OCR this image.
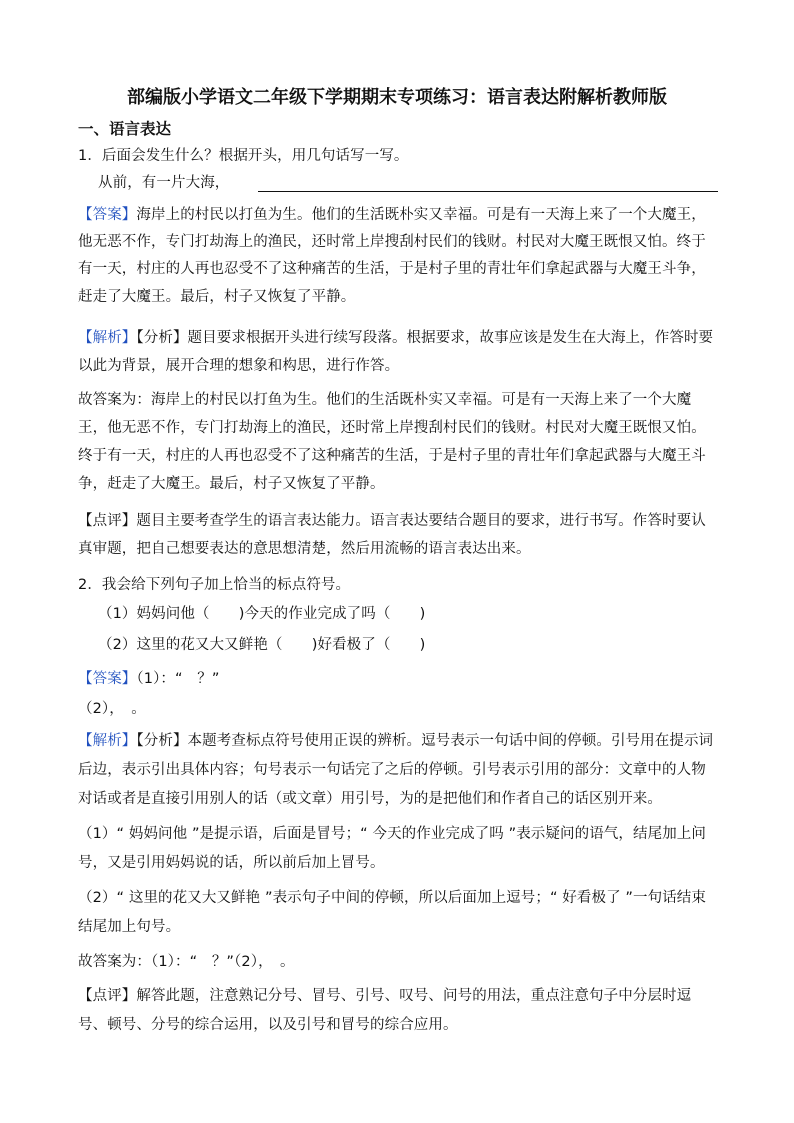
部编版小学语文二年级下学期期末专项练习：语言表达附解析教师版
一、语言表达
1．后面会发生什么？根据开头，用几句话写一写。
从前，有一片大海，
【答案】海岸上的村民以打鱼为生。他们的生活既朴实又幸福。可是有一天海上来了一个大魔王，
他无恶不作，专门打劫海上的渔民，还时常上岸搜刮村民们的钱财。村民对大魔王既恨又怕。终于
有一天，村庄的人再也忍受不了这种痛苦的生活，于是村子里的青壮年们拿起武器与大魔王斗争，
赶走了大魔王。最后，村子又恢复了平静。
【解析】【分析】题目要求根据开头进行续写段落。根据要求，故事应该是发生在大海上，作答时要
以此为背景，展开合理的想象和构思，进行作答。
故答案为：海岸上的村民以打鱼为生。他们的生活既朴实又幸福。可是有一天海上来了一个大魔
王，他无恶不作，专门打劫海上的渔民，还时常上岸搜刮村民们的钱财。村民对大魔王既恨又怕。
终于有一天，村庄的人再也忍受不了这种痛苦的生活，于是村子里的青壮年们拿起武器与大魔王斗
争，赶走了大魔王。最后，村子又恢复了平静。
【点评】题目主要考查学生的语言表达能力。语言表达要结合题目的要求，进行书写。作答时要认
真审题，把自己想要表达的意思想清楚，然后用流畅的语言表达出来。
2．我会给下列句子加上恰当的标点符号。
（1）妈妈问他（　　)今天的作业完成了吗（　　)
（2）这里的花又大又鲜艳（　　)好看极了（　　)
【答案】（1）：“　？”
（2），　。
【解析】【分析】本题考查标点符号使用正误的辨析。逗号表示一句话中间的停顿。引号用在提示词
后边，表示引出具体内容；句号表示一句话完了之后的停顿。引号表示引用的部分：文章中的人物
对话或者是直接引用别人的话（或文章）用引号，为的是把他们和作者自己的话区别开来。
（1）“ 妈妈问他 ”是提示语，后面是冒号；“ 今天的作业完成了吗 ”表示疑问的语气，结尾加上问
号，又是引用妈妈说的话，所以前后加上冒号。
（2）“ 这里的花又大又鲜艳 ”表示句子中间的停顿，所以后面加上逗号；“ 好看极了 ”一句话结束
结尾加上句号。
故答案为：（1）：“　？”（2），　。
【点评】解答此题，注意熟记分号、冒号、引号、叹号、问号的用法，重点注意句子中分层时逗
号、顿号、分号的综合运用，以及引号和冒号的综合应用。
